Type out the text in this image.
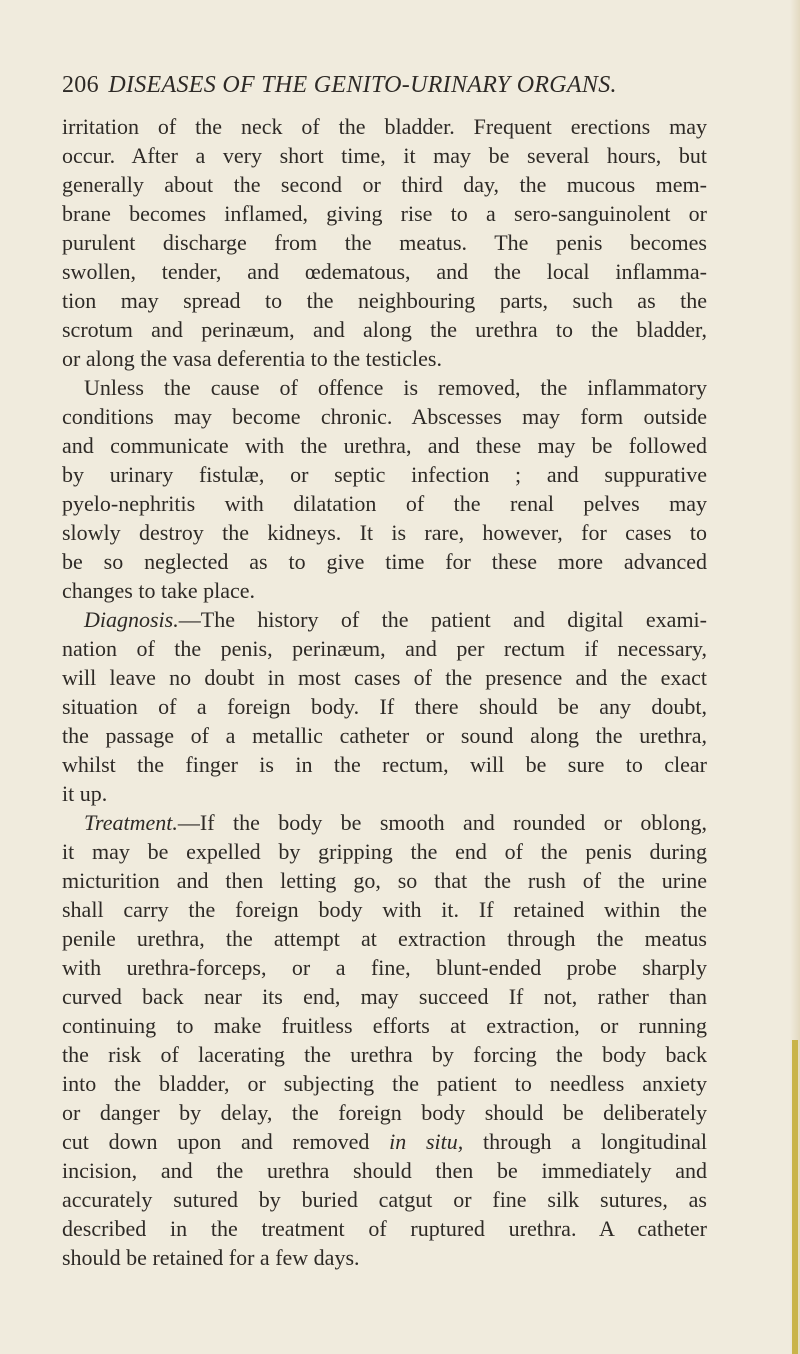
206 DISEASES OF THE GENITO-URINARY ORGANS.
irritation of the neck of the bladder. Frequent erections may
occur. After a very short time, it may be several hours, but
generally about the second or third day, the mucous mem-
brane becomes inflamed, giving rise to a sero-sanguinolent or
purulent discharge from the meatus. The penis becomes
swollen, tender, and œdematous, and the local inflamma-
tion may spread to the neighbouring parts, such as the
scrotum and perinæum, and along the urethra to the bladder,
or along the vasa deferentia to the testicles.
Unless the cause of offence is removed, the inflammatory
conditions may become chronic. Abscesses may form outside
and communicate with the urethra, and these may be followed
by urinary fistulæ, or septic infection ; and suppurative
pyelo-nephritis with dilatation of the renal pelves may
slowly destroy the kidneys. It is rare, however, for cases to
be so neglected as to give time for these more advanced
changes to take place.
Diagnosis.—The history of the patient and digital exami-
nation of the penis, perinæum, and per rectum if necessary,
will leave no doubt in most cases of the presence and the exact
situation of a foreign body. If there should be any doubt,
the passage of a metallic catheter or sound along the urethra,
whilst the finger is in the rectum, will be sure to clear
it up.
Treatment.—If the body be smooth and rounded or oblong,
it may be expelled by gripping the end of the penis during
micturition and then letting go, so that the rush of the urine
shall carry the foreign body with it. If retained within the
penile urethra, the attempt at extraction through the meatus
with urethra-forceps, or a fine, blunt-ended probe sharply
curved back near its end, may succeed If not, rather than
continuing to make fruitless efforts at extraction, or running
the risk of lacerating the urethra by forcing the body back
into the bladder, or subjecting the patient to needless anxiety
or danger by delay, the foreign body should be deliberately
cut down upon and removed in situ, through a longitudinal
incision, and the urethra should then be immediately and
accurately sutured by buried catgut or fine silk sutures, as
described in the treatment of ruptured urethra. A catheter
should be retained for a few days.
